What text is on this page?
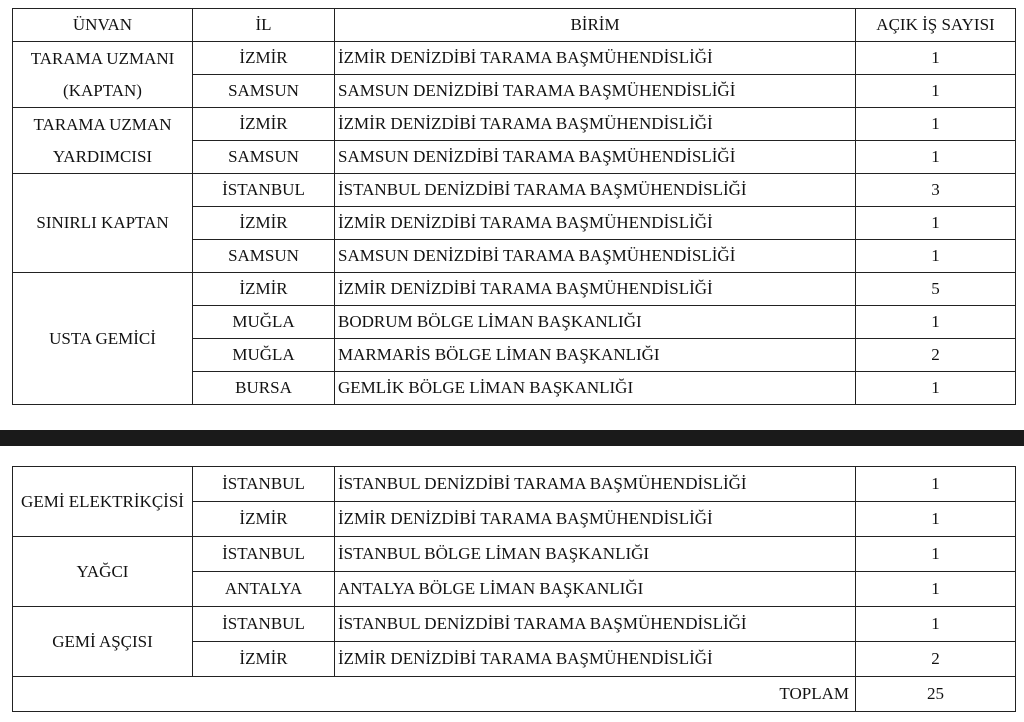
ÜNVAN	İL	BİRİM	AÇIK İŞ SAYISI
TARAMA UZMANI (KAPTAN)	İZMİR	İZMİR DENİZDİBİ TARAMA BAŞMÜHENDİSLİĞİ	1
	SAMSUN	SAMSUN DENİZDİBİ TARAMA BAŞMÜHENDİSLİĞİ	1
TARAMA UZMAN YARDIMCISI	İZMİR	İZMİR DENİZDİBİ TARAMA BAŞMÜHENDİSLİĞİ	1
	SAMSUN	SAMSUN DENİZDİBİ TARAMA BAŞMÜHENDİSLİĞİ	1
SINIRLI KAPTAN	İSTANBUL	İSTANBUL DENİZDİBİ TARAMA BAŞMÜHENDİSLİĞİ	3
	İZMİR	İZMİR DENİZDİBİ TARAMA BAŞMÜHENDİSLİĞİ	1
	SAMSUN	SAMSUN DENİZDİBİ TARAMA BAŞMÜHENDİSLİĞİ	1
USTA GEMİCİ	İZMİR	İZMİR DENİZDİBİ TARAMA BAŞMÜHENDİSLİĞİ	5
	MUĞLA	BODRUM BÖLGE LİMAN BAŞKANLIĞI	1
	MUĞLA	MARMARİS BÖLGE LİMAN BAŞKANLIĞI	2
	BURSA	GEMLİK BÖLGE LİMAN BAŞKANLIĞI	1
GEMİ ELEKTRİKÇİSİ	İSTANBUL	İSTANBUL DENİZDİBİ TARAMA BAŞMÜHENDİSLİĞİ	1
	İZMİR	İZMİR DENİZDİBİ TARAMA BAŞMÜHENDİSLİĞİ	1
YAĞCI	İSTANBUL	İSTANBUL BÖLGE LİMAN BAŞKANLIĞI	1
	ANTALYA	ANTALYA BÖLGE LİMAN BAŞKANLIĞI	1
GEMİ AŞÇISI	İSTANBUL	İSTANBUL DENİZDİBİ TARAMA BAŞMÜHENDİSLİĞİ	1
	İZMİR	İZMİR DENİZDİBİ TARAMA BAŞMÜHENDİSLİĞİ	2
TOPLAM			25
